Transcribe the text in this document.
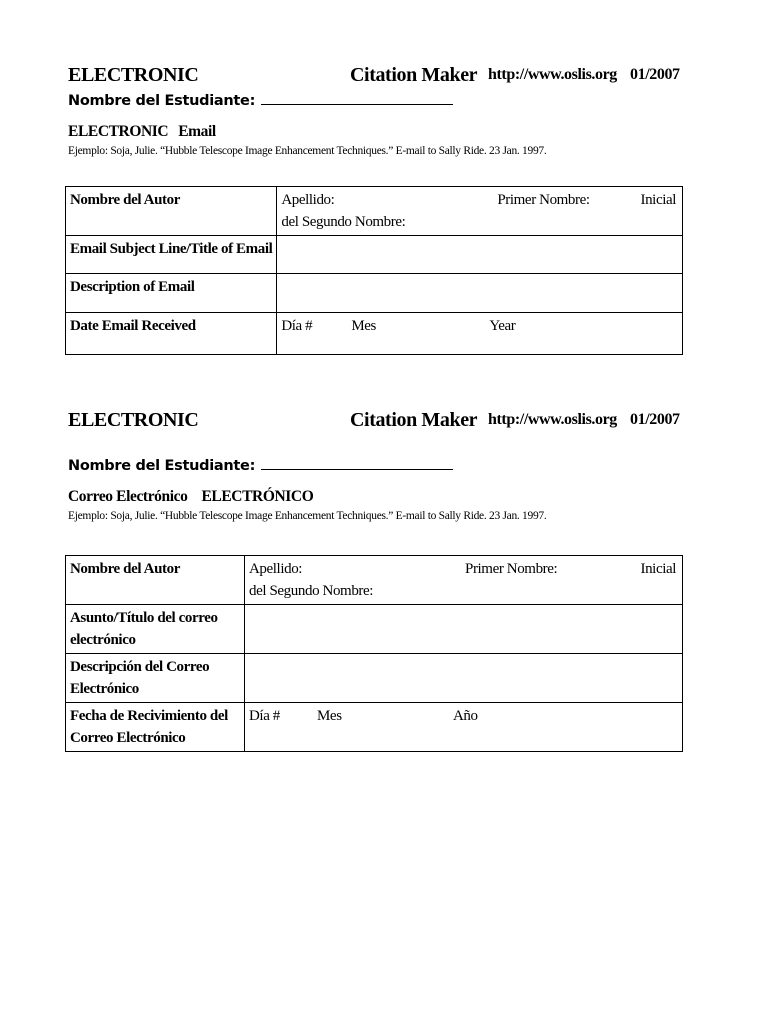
ELECTRONIC	Citation Maker http://www.oslis.org 01/2007
Nombre del Estudiante:
ELECTRONIC Email
Ejemplo: Soja, Julie. “Hubble Telescope Image Enhancement Techniques.” E-mail to Sally Ride. 23 Jan. 1997.
Nombre del Autor	Apellido: Primer Nombre: Inicial
del Segundo Nombre:

Email Subject Line/Title of Email	
Description of Email	
Date Email Received	Día # Mes Year
ELECTRONIC	Citation Maker http://www.oslis.org 01/2007
Nombre del Estudiante:
Correo Electrónico ELECTRÓNICO
Ejemplo: Soja, Julie. “Hubble Telescope Image Enhancement Techniques.” E-mail to Sally Ride. 23 Jan. 1997.
Nombre del Autor	Apellido: Primer Nombre: Inicial
del Segundo Nombre:

Asunto/Título del correo electrónico	
Descripción del Correo Electrónico	
Fecha de Recivimiento del Correo Electrónico	Día # Mes Año
